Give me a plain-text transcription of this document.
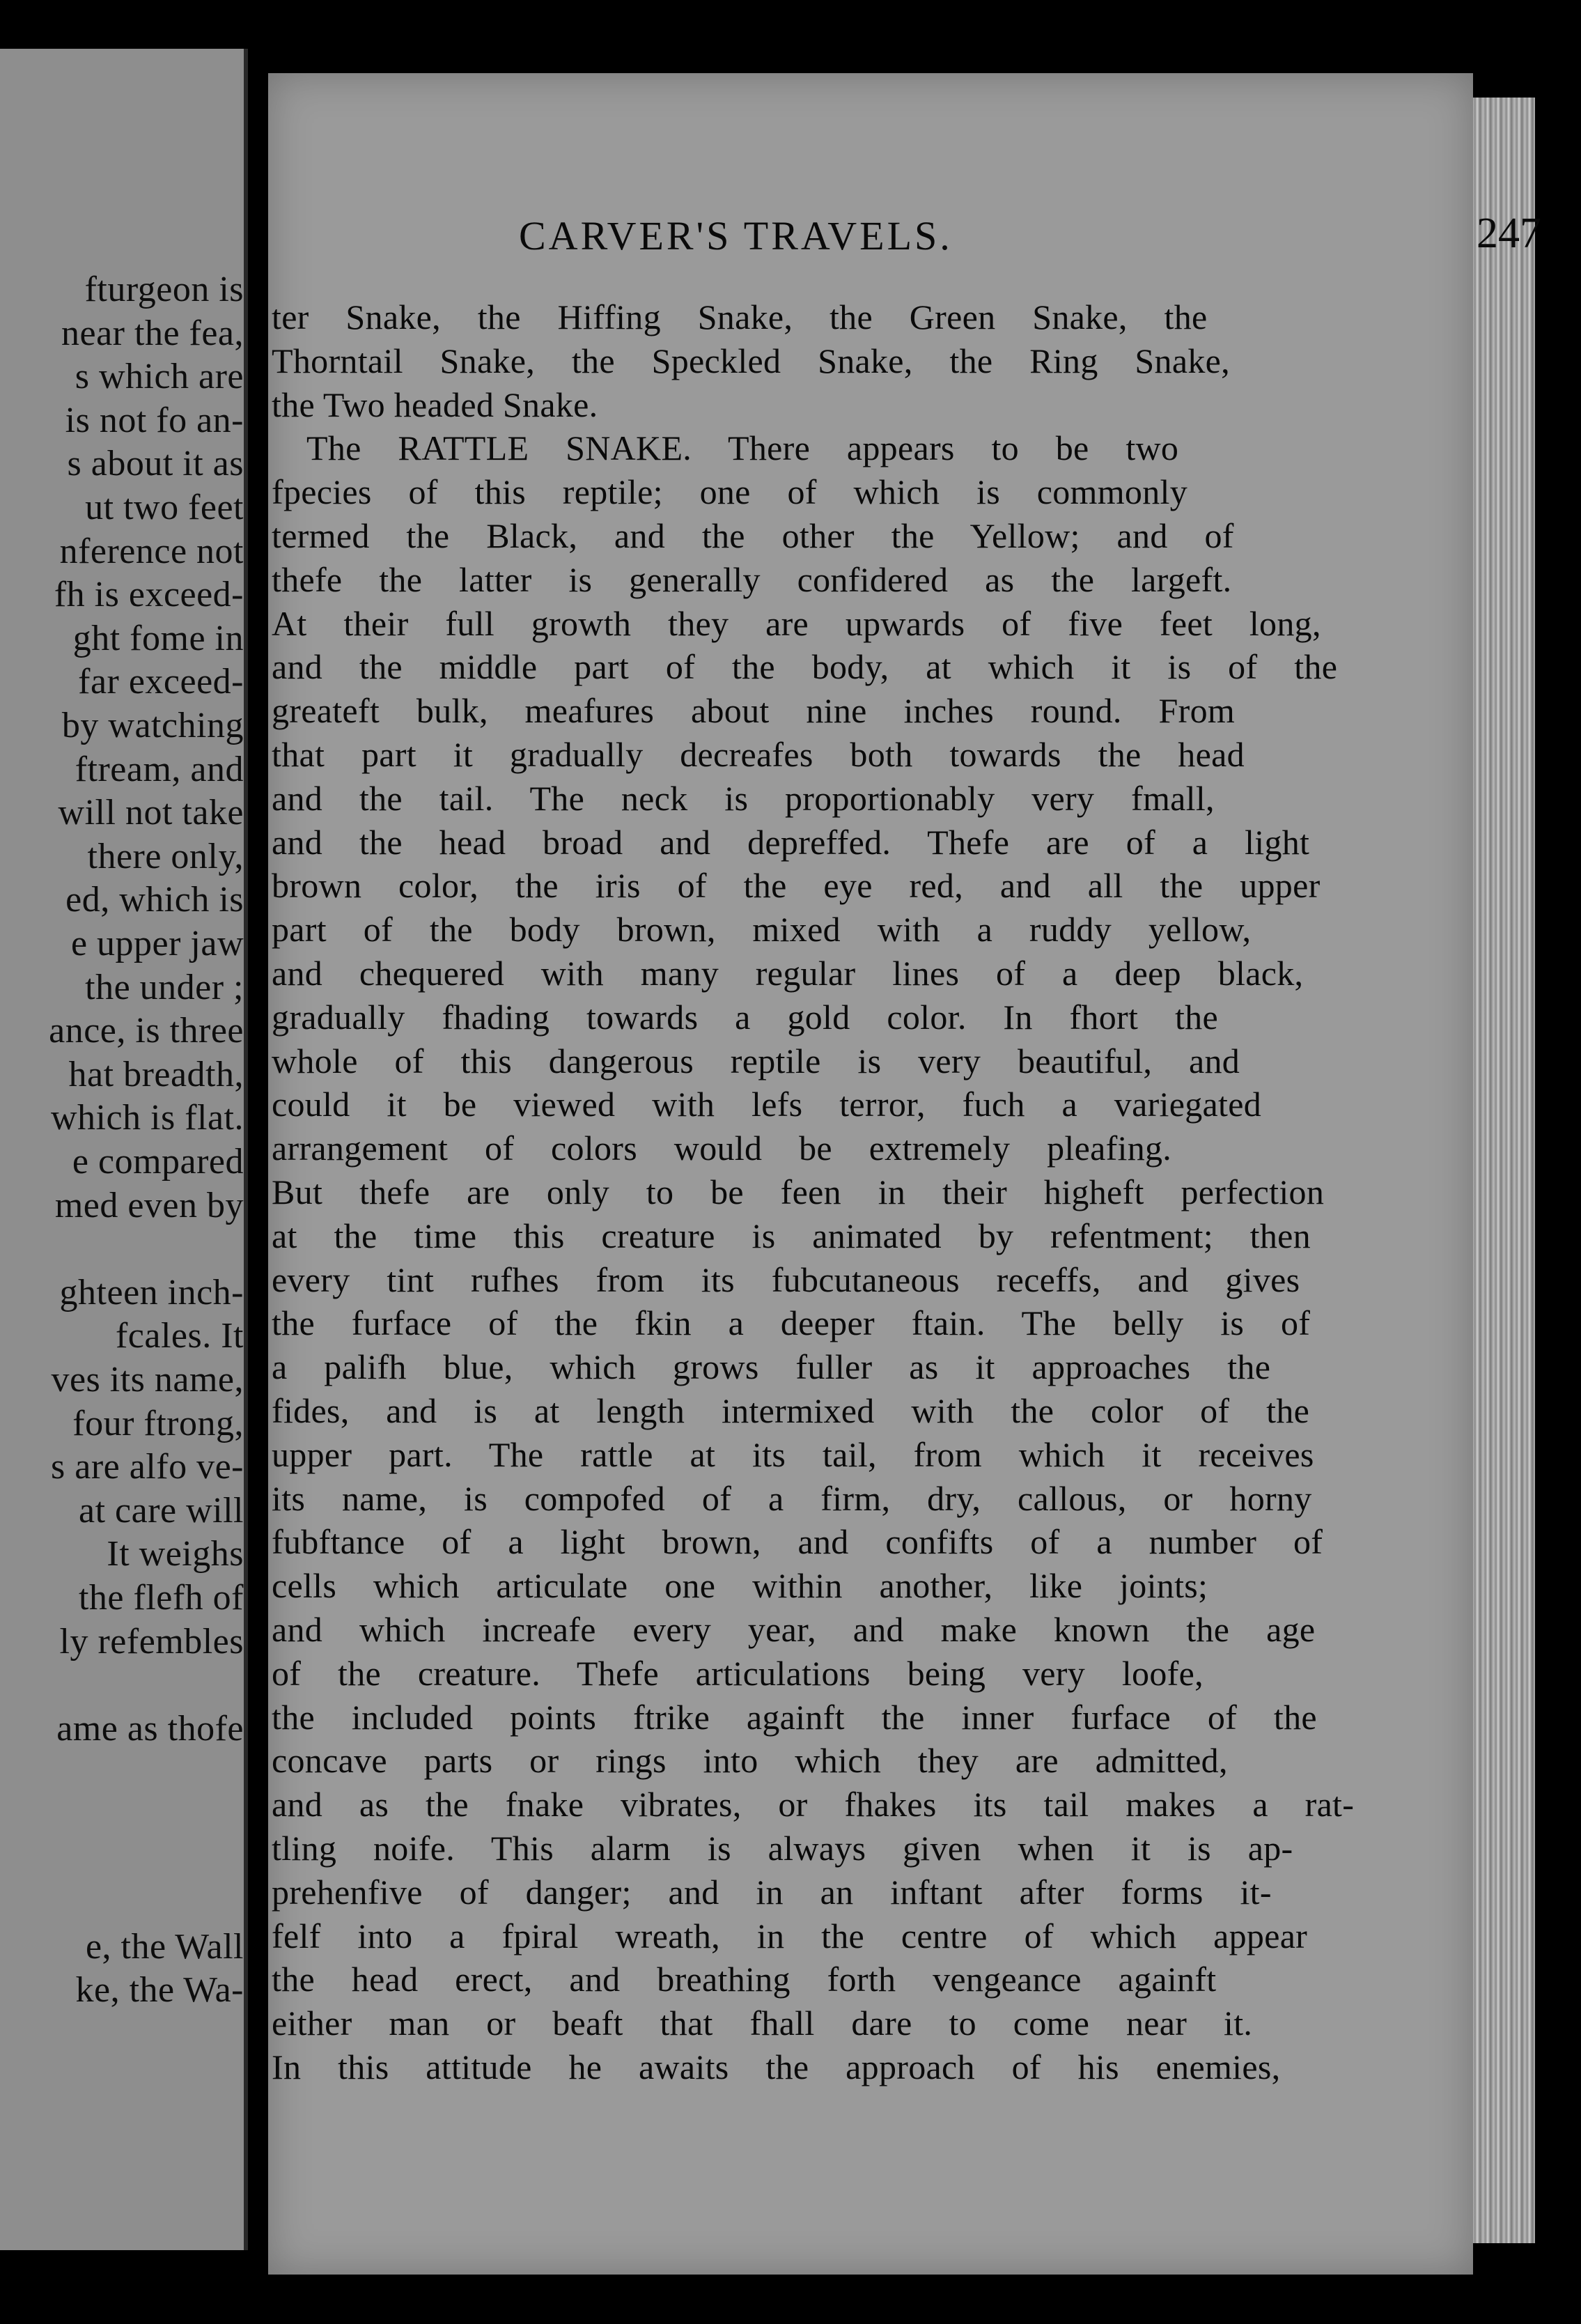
fturgeon is
near the fea,
s which are
is not fo an-
s about it as
ut two feet
nference not
fh is exceed-
ght fome in
far exceed-
by watching
ftream, and
will not take
there only,
ed, which is
e upper jaw
the under ;
ance, is three
hat breadth,
which is flat.
e compared
med even by
ghteen inch-
fcales. It
ves its name,
four ftrong,
s are alfo ve-
at care will
It weighs
the flefh of
ly refembles
ame as thofe
e, the Wall
ke, the Wa-
CARVER'S TRAVELS.	247
ter Snake, the Hiffing Snake, the Green Snake, the
Thorntail Snake, the Speckled Snake, the Ring Snake,
the Two headed Snake.
The RATTLE SNAKE. There appears to be two
fpecies of this reptile; one of which is commonly
termed the Black, and the other the Yellow; and of
thefe the latter is generally confidered as the largeft.
At their full growth they are upwards of five feet long,
and the middle part of the body, at which it is of the
greateft bulk, meafures about nine inches round. From
that part it gradually decreafes both towards the head
and the tail. The neck is proportionably very fmall,
and the head broad and depreffed. Thefe are of a light
brown color, the iris of the eye red, and all the upper
part of the body brown, mixed with a ruddy yellow,
and chequered with many regular lines of a deep black,
gradually fhading towards a gold color. In fhort the
whole of this dangerous reptile is very beautiful, and
could it be viewed with lefs terror, fuch a variegated
arrangement of colors would be extremely pleafing.
But thefe are only to be feen in their higheft perfection
at the time this creature is animated by refentment; then
every tint rufhes from its fubcutaneous receffs, and gives
the furface of the fkin a deeper ftain. The belly is of
a palifh blue, which grows fuller as it approaches the
fides, and is at length intermixed with the color of the
upper part. The rattle at its tail, from which it receives
its name, is compofed of a firm, dry, callous, or horny
fubftance of a light brown, and confifts of a number of
cells which articulate one within another, like joints;
and which increafe every year, and make known the age
of the creature. Thefe articulations being very loofe,
the included points ftrike againft the inner furface of the
concave parts or rings into which they are admitted,
and as the fnake vibrates, or fhakes its tail makes a rat-
tling noife. This alarm is always given when it is ap-
prehenfive of danger; and in an inftant after forms it-
felf into a fpiral wreath, in the centre of which appear
the head erect, and breathing forth vengeance againft
either man or beaft that fhall dare to come near it.
In this attitude he awaits the approach of his enemies,
